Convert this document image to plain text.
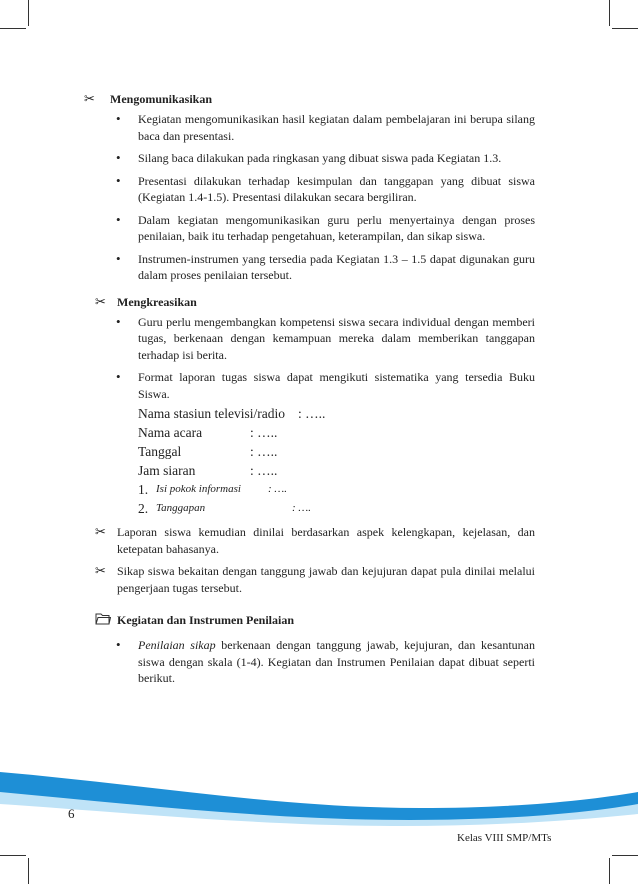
✂	Mengomunikasikan
• Kegiatan mengomunikasikan hasil kegiatan dalam pembelajaran ini berupa silang baca dan presentasi.
• Silang baca dilakukan pada ringkasan yang dibuat siswa pada Kegiatan 1.3.
• Presentasi dilakukan terhadap kesimpulan dan tanggapan yang dibuat siswa (Kegiatan 1.4-1.5). Presentasi dilakukan secara bergiliran.
• Dalam kegiatan mengomunikasikan guru perlu menyertainya dengan proses penilaian, baik itu terhadap pengetahuan, keterampilan, dan sikap siswa.
• Instrumen-instrumen yang tersedia pada Kegiatan 1.3 – 1.5 dapat digunakan guru dalam proses penilaian tersebut.
✂ Mengkreasikan
• Guru perlu mengembangkan kompetensi siswa secara individual dengan memberi tugas, berkenaan dengan kemampuan mereka dalam memberikan tanggapan terhadap isi berita.
• Format laporan tugas siswa dapat mengikuti sistematika yang tersedia Buku Siswa.
Nama stasiun televisi/radio : …..
Nama acara	: …..
Tanggal	: …..
Jam siaran	: …..
1. Isi pokok informasi	: ….
2. Tanggapan	: ….
✂ Laporan siswa kemudian dinilai berdasarkan aspek kelengkapan, kejelasan, dan ketepatan bahasanya.
✂ Sikap siswa bekaitan dengan tanggung jawab dan kejujuran dapat pula dinilai melalui pengerjaan tugas tersebut.
Kegiatan dan Instrumen Penilaian
• Penilaian sikap berkenaan dengan tanggung jawab, kejujuran, dan kesantunan siswa dengan skala (1-4). Kegiatan dan Instrumen Penilaian dapat dibuat seperti berikut.
6
Kelas VIII SMP/MTs
